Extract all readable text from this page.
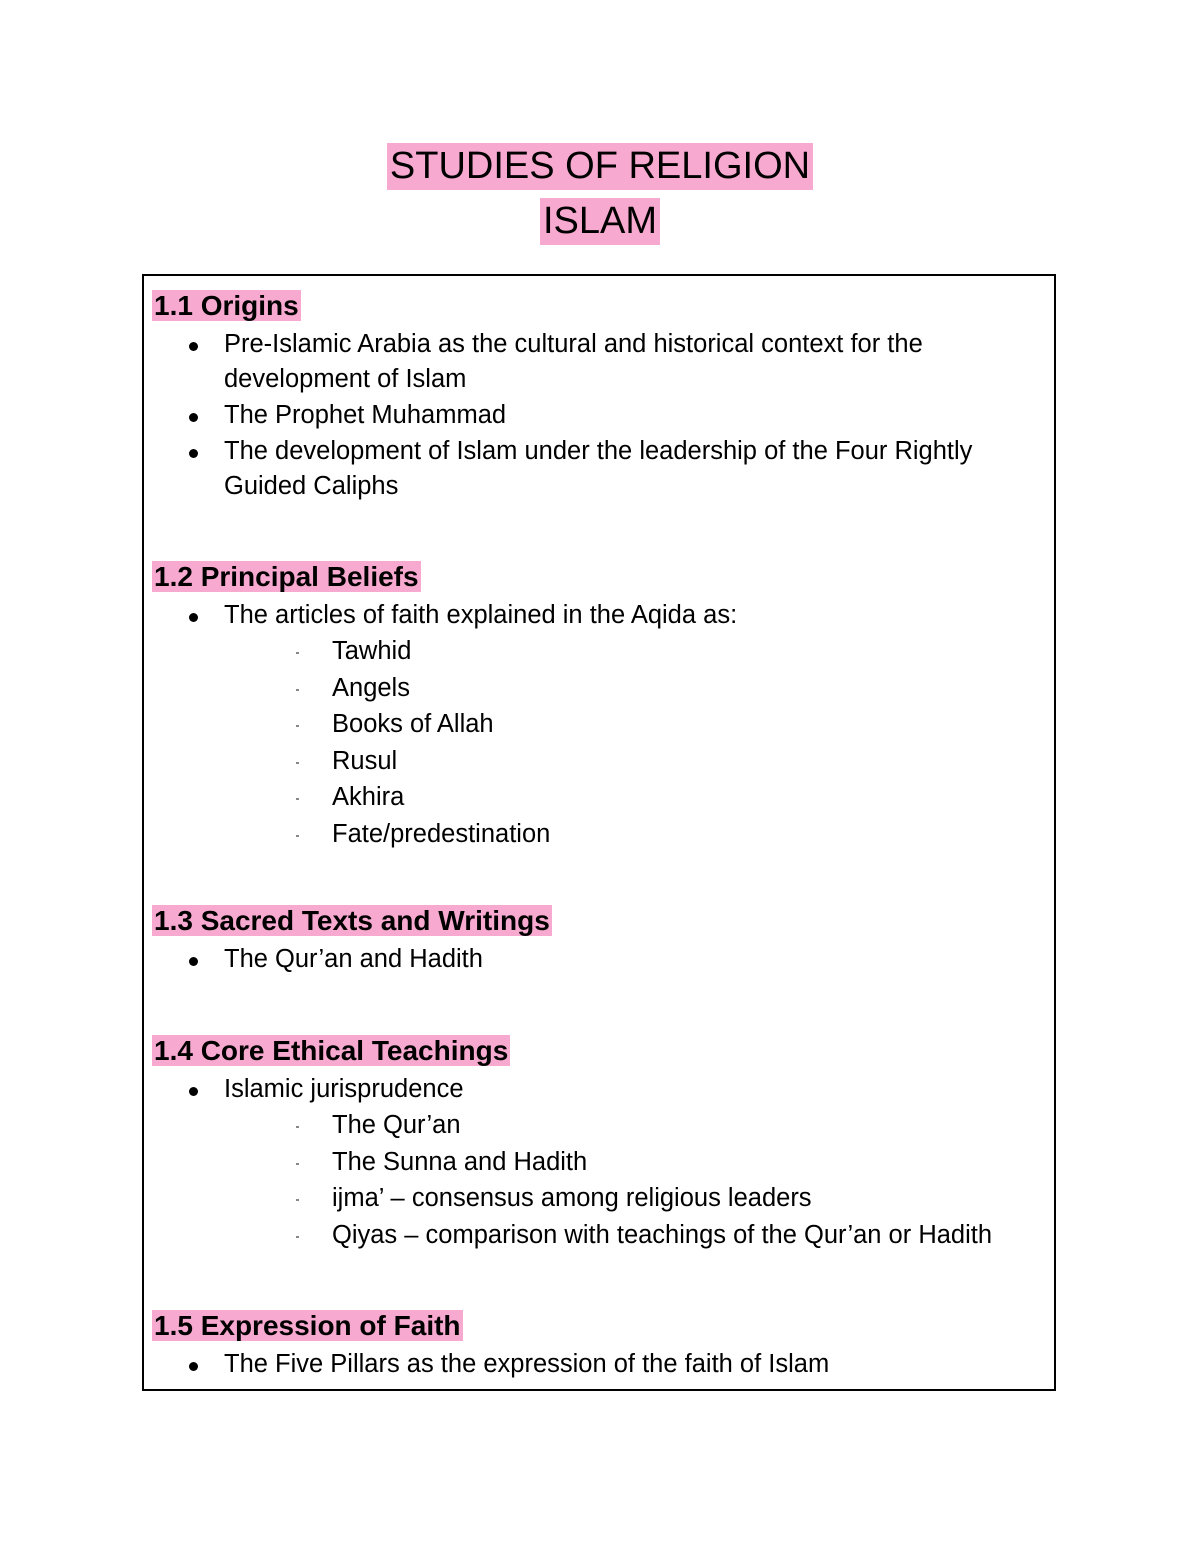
STUDIES OF RELIGION
ISLAM
1.1 Origins
Pre-Islamic Arabia as the cultural and historical context for the development of Islam
The Prophet Muhammad
The development of Islam under the leadership of the Four Rightly Guided Caliphs
1.2 Principal Beliefs
The articles of faith explained in the Aqida as:
Tawhid
Angels
Books of Allah
Rusul
Akhira
Fate/predestination
1.3 Sacred Texts and Writings
The Qur’an and Hadith
1.4 Core Ethical Teachings
Islamic jurisprudence
The Qur’an
The Sunna and Hadith
ijma’ – consensus among religious leaders
Qiyas – comparison with teachings of the Qur’an or Hadith
1.5 Expression of Faith
The Five Pillars as the expression of the faith of Islam
